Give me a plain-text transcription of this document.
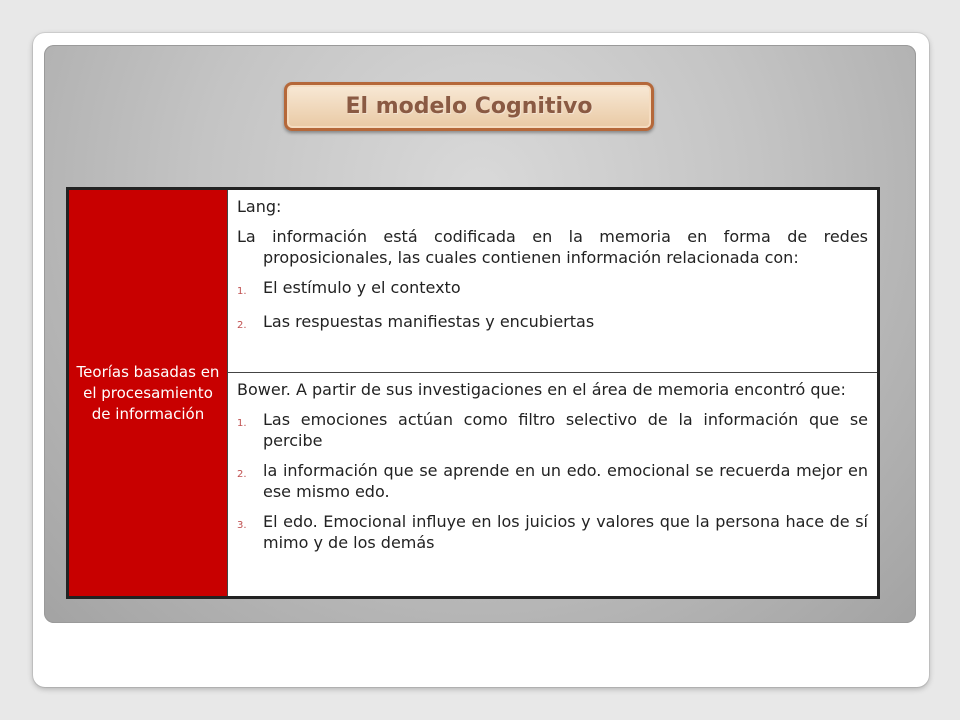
El modelo Cognitivo
Teorías basadas en el procesamiento de información	
Lang:
La información está codificada en la memoria en forma de redes proposicionales, las cuales contienen información relacionada con:
1.	El estímulo y el contexto
2.	Las respuestas manifiestas y encubiertas

Bower. A partir de sus investigaciones en el área de memoria encontró que:
1.	Las emociones actúan como filtro selectivo de la información que se percibe
2.	la información que se aprende en un edo. emocional se recuerda mejor en ese mismo edo.
3.	El edo. Emocional influye en los juicios y valores que la persona hace de sí mimo y de los demás
